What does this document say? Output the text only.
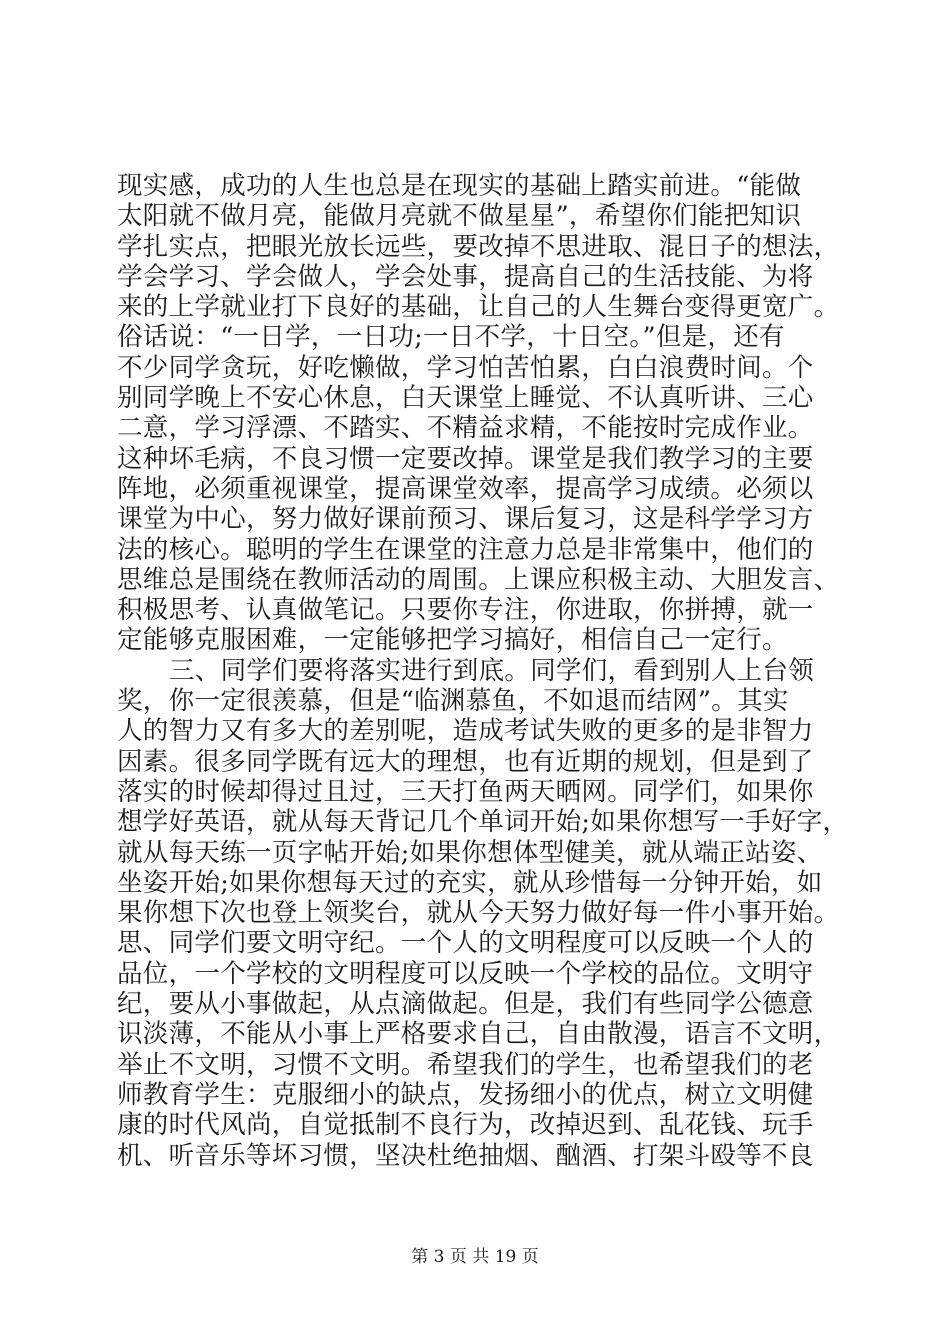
现实感，成功的人生也总是在现实的基础上踏实前进。“能做
太阳就不做月亮，能做月亮就不做星星”，希望你们能把知识
学扎实点，把眼光放长远些，要改掉不思进取、混日子的想法，
学会学习、学会做人，学会处事，提高自己的生活技能、为将
来的上学就业打下良好的基础，让自己的人生舞台变得更宽广。
俗话说：“一日学，一日功;一日不学，十日空。”但是，还有
不少同学贪玩，好吃懒做，学习怕苦怕累，白白浪费时间。个
别同学晚上不安心休息，白天课堂上睡觉、不认真听讲、三心
二意，学习浮漂、不踏实、不精益求精，不能按时完成作业。
这种坏毛病，不良习惯一定要改掉。课堂是我们教学习的主要
阵地，必须重视课堂，提高课堂效率，提高学习成绩。必须以
课堂为中心，努力做好课前预习、课后复习，这是科学学习方
法的核心。聪明的学生在课堂的注意力总是非常集中，他们的
思维总是围绕在教师活动的周围。上课应积极主动、大胆发言、
积极思考、认真做笔记。只要你专注，你进取，你拼搏，就一
定能够克服困难，一定能够把学习搞好，相信自己一定行。
三、同学们要将落实进行到底。同学们，看到别人上台领
奖，你一定很羡慕，但是“临渊慕鱼，不如退而结网”。其实
人的智力又有多大的差别呢，造成考试失败的更多的是非智力
因素。很多同学既有远大的理想，也有近期的规划，但是到了
落实的时候却得过且过，三天打鱼两天晒网。同学们，如果你
想学好英语，就从每天背记几个单词开始;如果你想写一手好字，
就从每天练一页字帖开始;如果你想体型健美，就从端正站姿、
坐姿开始;如果你想每天过的充实，就从珍惜每一分钟开始，如
果你想下次也登上领奖台，就从今天努力做好每一件小事开始。
思、同学们要文明守纪。一个人的文明程度可以反映一个人的
品位，一个学校的文明程度可以反映一个学校的品位。文明守
纪，要从小事做起，从点滴做起。但是，我们有些同学公德意
识淡薄，不能从小事上严格要求自己，自由散漫，语言不文明，
举止不文明，习惯不文明。希望我们的学生，也希望我们的老
师教育学生：克服细小的缺点，发扬细小的优点，树立文明健
康的时代风尚，自觉抵制不良行为，改掉迟到、乱花钱、玩手
机、听音乐等坏习惯，坚决杜绝抽烟、酗酒、打架斗殴等不良
第 3 页 共 19 页
